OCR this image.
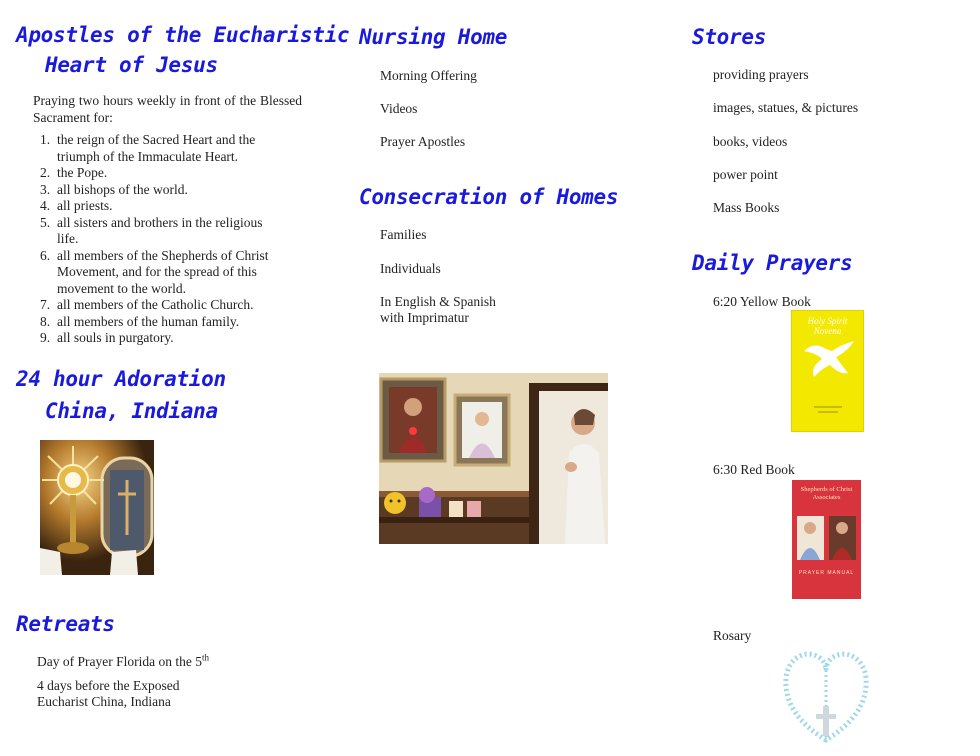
Apostles of the Eucharistic
Heart of Jesus
Praying two hours weekly in front of the Blessed Sacrament for:
1. the reign of the Sacred Heart and the triumph of the Immaculate Heart.
2. the Pope.
3. all bishops of the world.
4. all priests.
5. all sisters and brothers in the religious life.
6. all members of the Shepherds of Christ Movement, and for the spread of this movement to the world.
7. all members of the Catholic Church.
8. all members of the human family.
9. all souls in purgatory.
24 hour Adoration
China, Indiana
Retreats
Day of Prayer Florida on the 5th
4 days before the Exposed
Eucharist China, Indiana
Nursing Home
Morning Offering
Videos
Prayer Apostles
Consecration of Homes
Families
Individuals
In English & Spanish
with Imprimatur
Stores
providing prayers
images, statues, & pictures
books, videos
power point
Mass Books
Daily Prayers
6:20 Yellow Book
Holy Spirit Novena
6:30 Red Book
Shepherds of Christ Associates
PRAYER MANUAL
Rosary
